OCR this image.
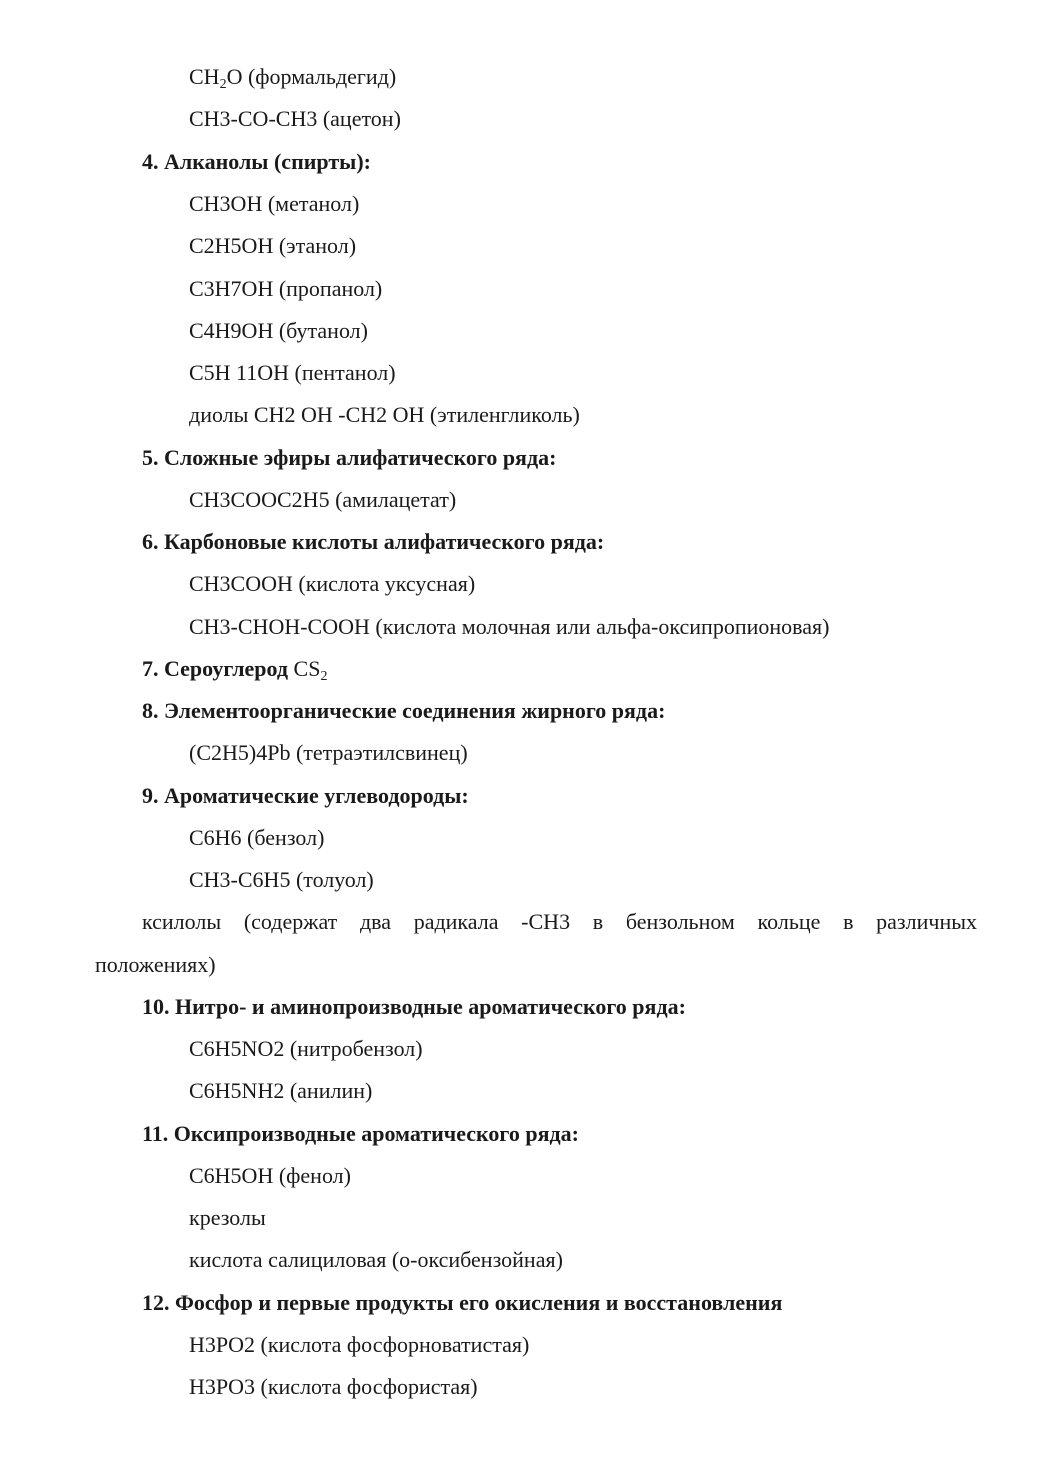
$CH_2O$ (формальдегид)
CH3-CO-CH3 (ацетон)
4. Алканолы (спирты):
CH3OH (метанол)
C2H5OH (этанол)
C3H7OH (пропанол)
C4H9OH (бутанол)
C5H 11OH (пентанол)
диолы CH2 OH -CH2 OH (этиленгликоль)
5. Сложные эфиры алифатического ряда:
CH3COOC2H5 (амилацетат)
6. Карбоновые кислоты алифатического ряда:
CH3COOH (кислота уксусная)
CH3-CHOH-COOH (кислота молочная или альфа-оксипропионовая)
7. Сероуглерод $CS_2$
8. Элементоорганические соединения жирного ряда:
(C2H5)4Pb (тетраэтилсвинец)
9. Ароматические углеводороды:
C6H6 (бензол)
CH3-C6H5 (толуол)
ксилолы (содержат два радикала -CH3 в бензольном кольце в различных
положениях)
10. Нитро- и аминопроизводные ароматического ряда:
C6H5NO2 (нитробензол)
C6H5NH2 (анилин)
11. Оксипроизводные ароматического ряда:
C6H5OH (фенол)
крезолы
кислота салициловая (о-оксибензойная)
12. Фосфор и первые продукты его окисления и восстановления
H3PO2 (кислота фосфорноватистая)
H3PO3 (кислота фосфористая)
